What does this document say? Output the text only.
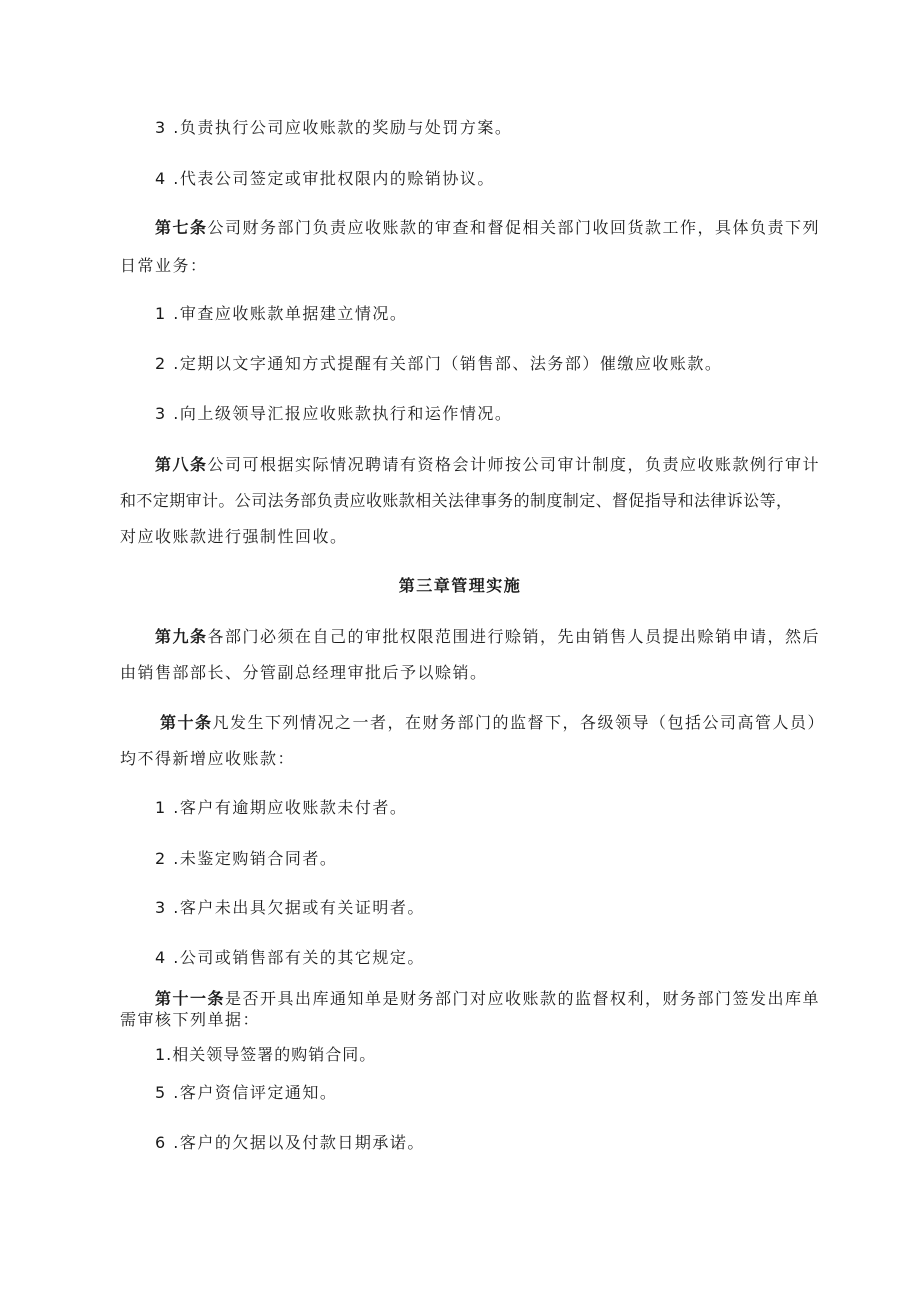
3 .负责执行公司应收账款的奖励与处罚方案。
4 .代表公司签定或审批权限内的赊销协议。
第七条公司财务部门负责应收账款的审查和督促相关部门收回货款工作，具体负责下列
日常业务：
1 .审查应收账款单据建立情况。
2 .定期以文字通知方式提醒有关部门（销售部、法务部）催缴应收账款。
3 .向上级领导汇报应收账款执行和运作情况。
第八条公司可根据实际情况聘请有资格会计师按公司审计制度，负责应收账款例行审计
和不定期审计。公司法务部负责应收账款相关法律事务的制度制定、督促指导和法律诉讼等，
对应收账款进行强制性回收。
第三章管理实施
第九条各部门必须在自己的审批权限范围进行赊销，先由销售人员提出赊销申请，然后
由销售部部长、分管副总经理审批后予以赊销。
第十条凡发生下列情况之一者，在财务部门的监督下，各级领导（包括公司高管人员）
均不得新增应收账款：
1 .客户有逾期应收账款未付者。
2 .未鉴定购销合同者。
3 .客户未出具欠据或有关证明者。
4 .公司或销售部有关的其它规定。
第十一条是否开具出库通知单是财务部门对应收账款的监督权利，财务部门签发出库单
需审核下列单据：
1.相关领导签署的购销合同。
5 .客户资信评定通知。
6 .客户的欠据以及付款日期承诺。
